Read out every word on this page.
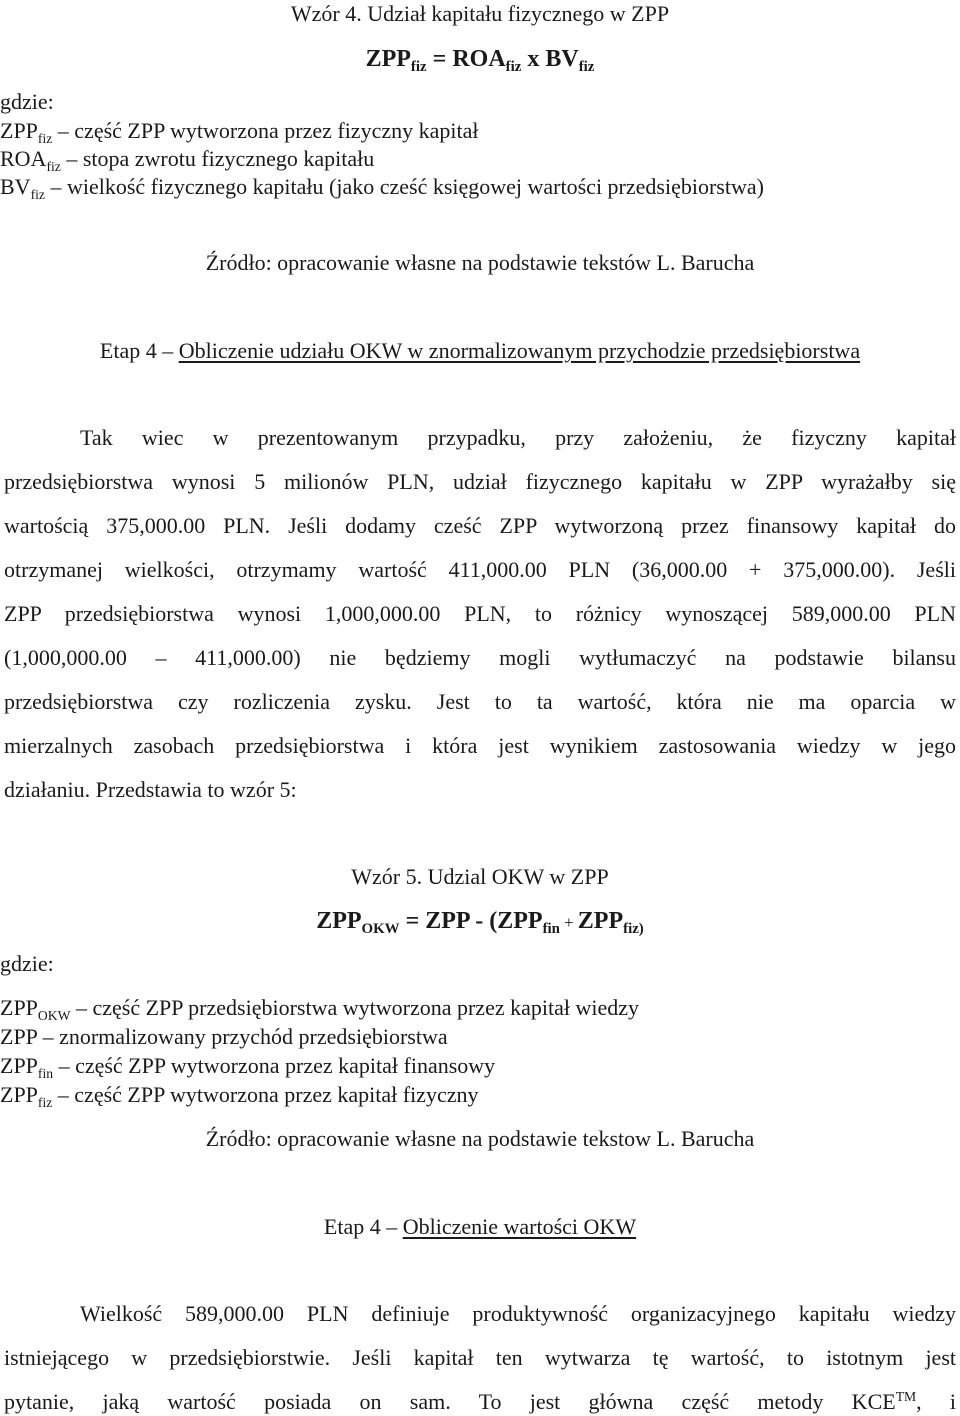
Wzór 4. Udział kapitału fizycznego w ZPP
$ZPP_{fiz} = ROA_{fiz}$ x $BV_{fiz}$
gdzie:
$ZPP_{fiz}$ – część ZPP wytworzona przez fizyczny kapitał
$ROA_{fiz}$ – stopa zwrotu fizycznego kapitału
$BV_{fiz}$ – wielkość fizycznego kapitału (jako cześć księgowej wartości przedsiębiorstwa)
Źródło: opracowanie własne na podstawie tekstów L. Barucha
Etap 4 – Obliczenie udziału OKW w znormalizowanym przychodzie przedsiębiorstwa
Tak wiec w prezentowanym przypadku, przy założeniu, że fizyczny kapitał
przedsiębiorstwa wynosi 5 milionów PLN, udział fizycznego kapitału w ZPP wyrażałby się
wartością 375,000.00 PLN. Jeśli dodamy cześć ZPP wytworzoną przez finansowy kapitał do
otrzymanej wielkości, otrzymamy wartość 411,000.00 PLN (36,000.00 + 375,000.00). Jeśli
ZPP przedsiębiorstwa wynosi 1,000,000.00 PLN, to różnicy wynoszącej 589,000.00 PLN
(1,000,000.00 – 411,000.00) nie będziemy mogli wytłumaczyć na podstawie bilansu
przedsiębiorstwa czy rozliczenia zysku. Jest to ta wartość, która nie ma oparcia w
mierzalnych zasobach przedsiębiorstwa i która jest wynikiem zastosowania wiedzy w jego
działaniu. Przedstawia to wzór 5:
Wzór 5. Udzial OKW w ZPP
$ZPP_{OKW}$ = ZPP - ($ZPP_{fin} + ZPP_{fiz)}$
gdzie:
$ZPP_{OKW}$ – część ZPP przedsiębiorstwa wytworzona przez kapitał wiedzy
ZPP – znormalizowany przychód przedsiębiorstwa
$ZPP_{fin}$ – część ZPP wytworzona przez kapitał finansowy
$ZPP_{fiz}$ – część ZPP wytworzona przez kapitał fizyczny
Źródło: opracowanie własne na podstawie tekstow L. Barucha
Etap 4 – Obliczenie wartości OKW
Wielkość 589,000.00 PLN definiuje produktywność organizacyjnego kapitału wiedzy
istniejącego w przedsiębiorstwie. Jeśli kapitał ten wytwarza tę wartość, to istotnym jest
pytanie, jaką wartość posiada on sam. To jest główna część metody KCE™, i
